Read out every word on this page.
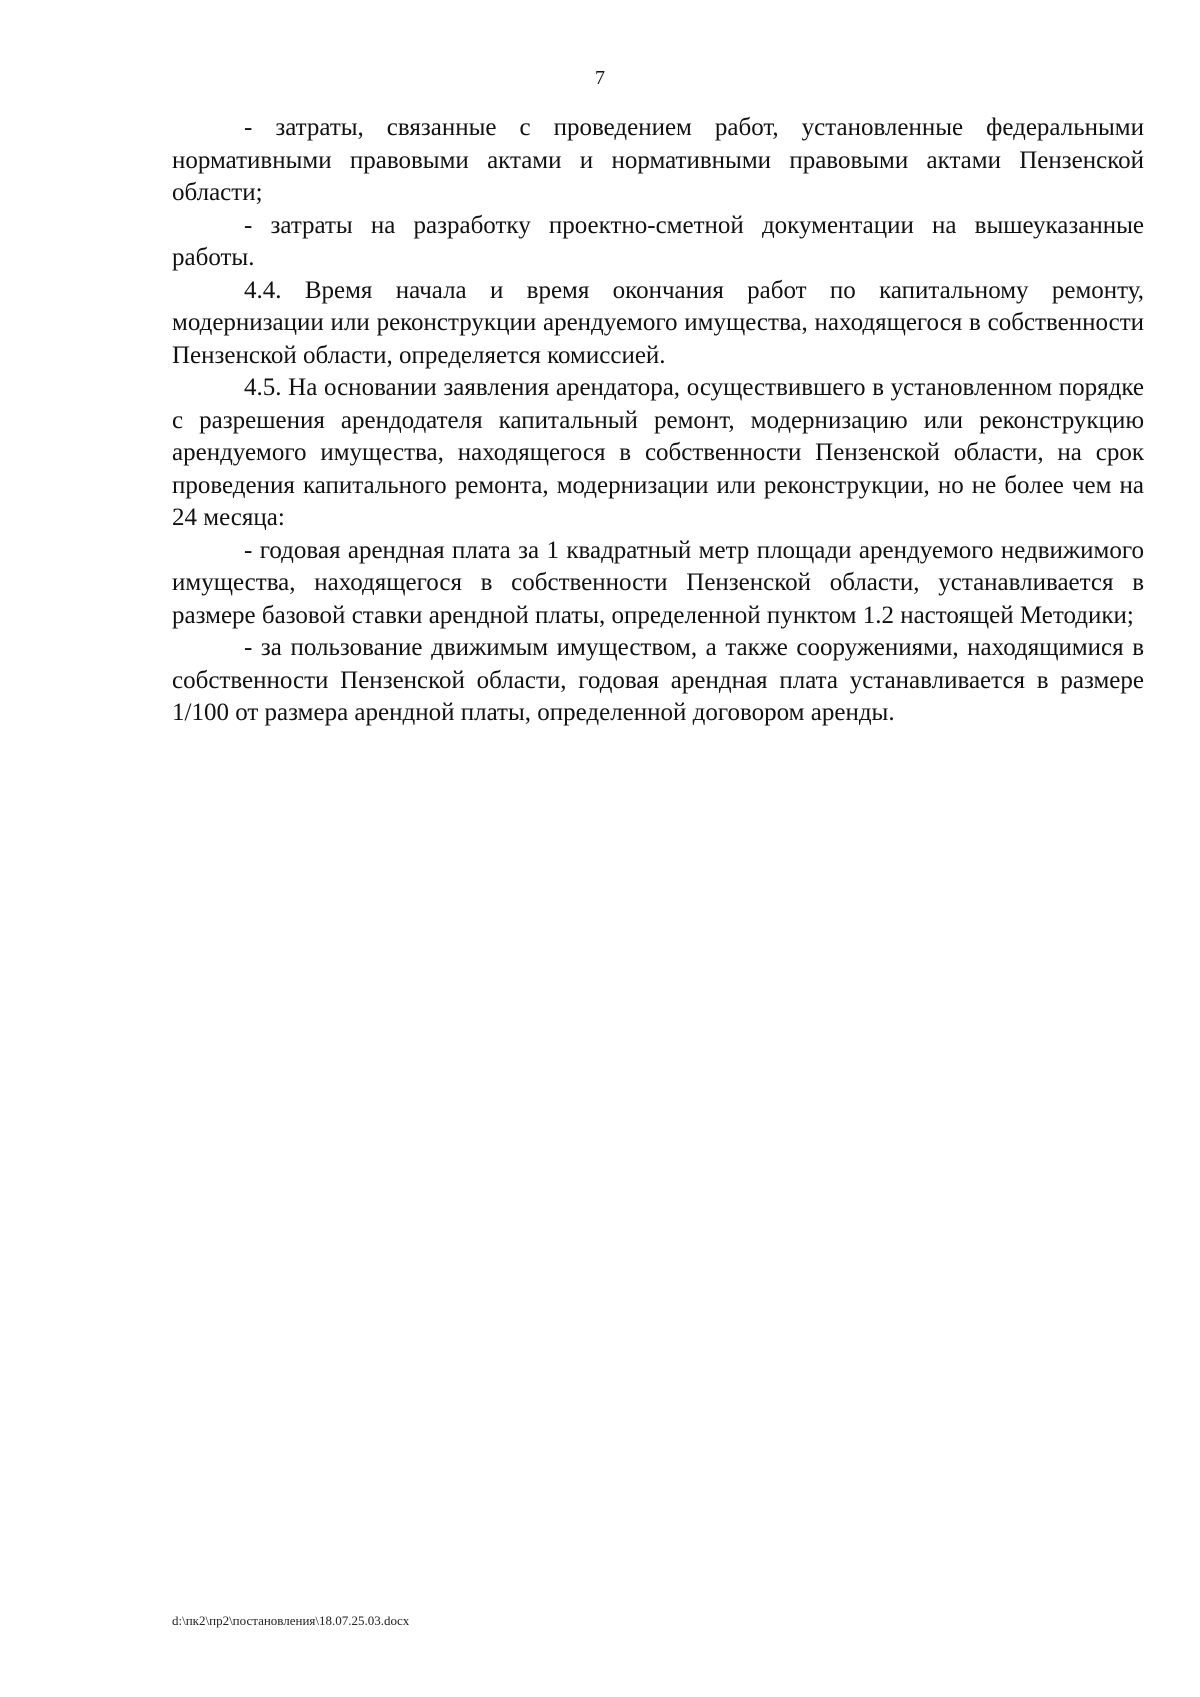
7

- затраты, связанные с проведением работ, установленные федеральными нормативными правовыми актами и нормативными правовыми актами Пензенской области;

- затраты на разработку проектно-сметной документации на вышеуказанные работы.

4.4. Время начала и время окончания работ по капитальному ремонту, модернизации или реконструкции арендуемого имущества, находящегося в собственности Пензенской области, определяется комиссией.

4.5. На основании заявления арендатора, осуществившего в установленном порядке с разрешения арендодателя капитальный ремонт, модернизацию или реконструкцию арендуемого имущества, находящегося в собственности Пензенской области, на срок проведения капитального ремонта, модернизации или реконструкции, но не более чем на 24 месяца:

- годовая арендная плата за 1 квадратный метр площади арендуемого недвижимого имущества, находящегося в собственности Пензенской области, устанавливается в размере базовой ставки арендной платы, определенной пунктом 1.2 настоящей Методики;

- за пользование движимым имуществом, а также сооружениями, находящимися в собственности Пензенской области, годовая арендная плата устанавливается в размере 1/100 от размера арендной платы, определенной договором аренды.

d:\пк2\пр2\постановления\18.07.25.03.docx
